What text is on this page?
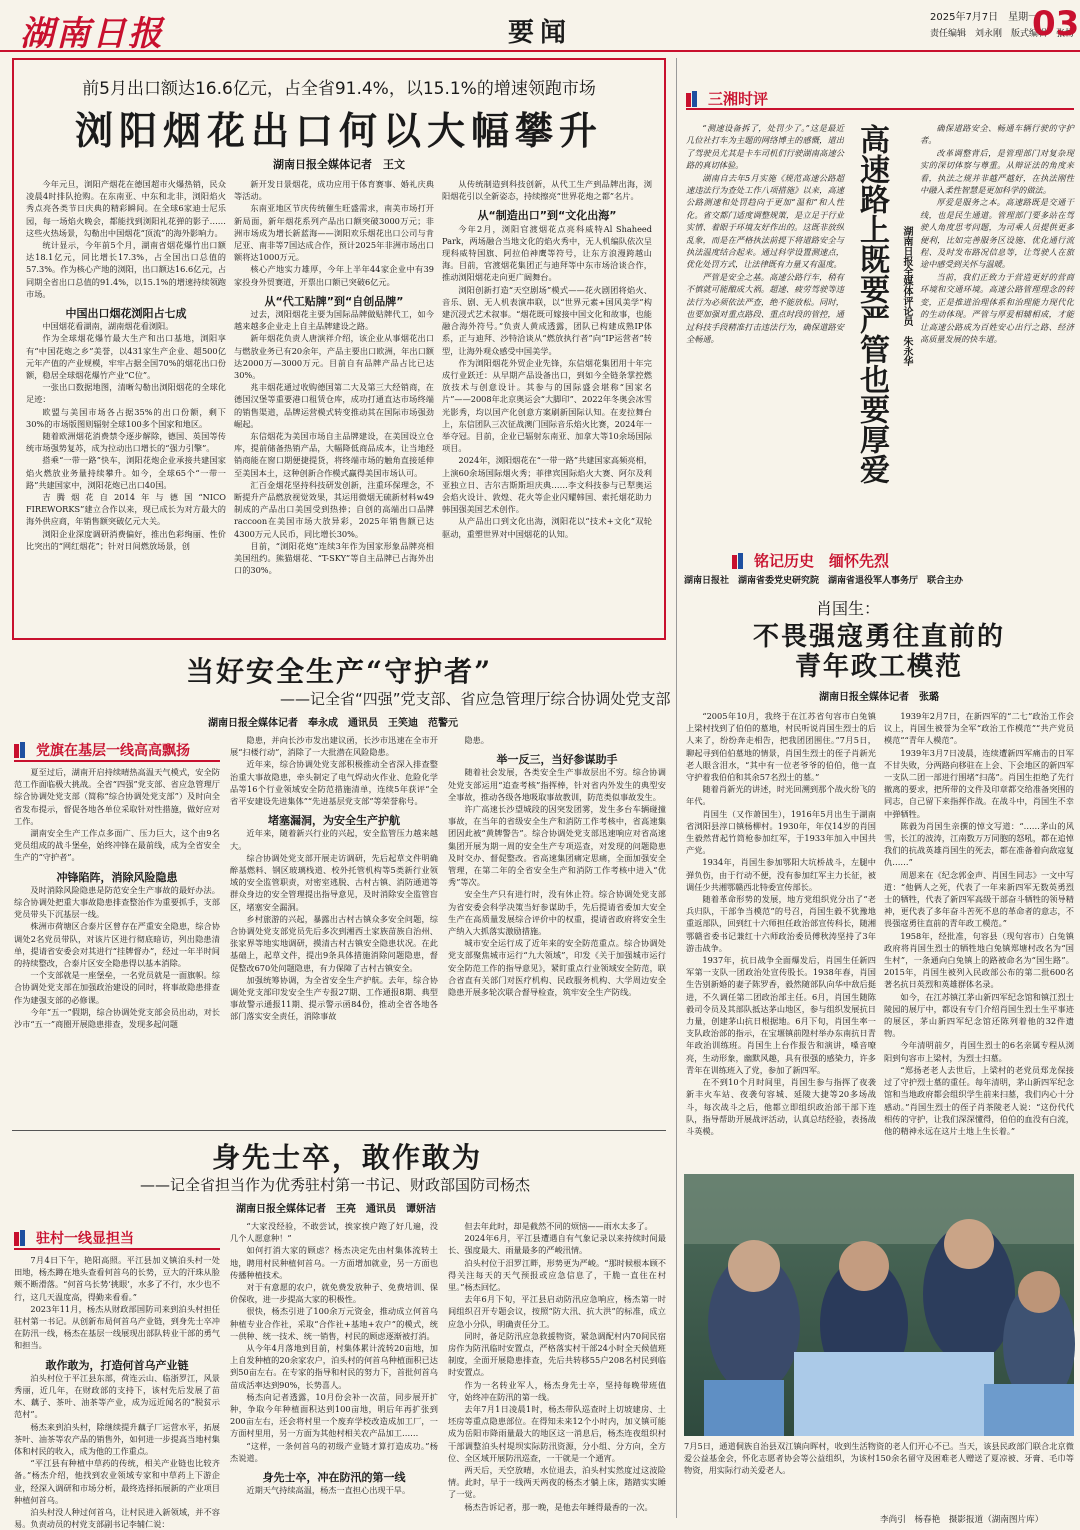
湖南日报	要闻
2025年7月7日　星期一
责任编辑　刘永刚　版式编辑　张杨
03
前5月出口额达16.6亿元，占全省91.4%，以15.1%的增速领跑市场
浏阳烟花出口何以大幅攀升
湖南日报全媒体记者　王文

今年元旦，浏阳产烟花在德国超市火爆热销，民众凌晨4时排队抢购。在东南亚、中东和北非，浏阳焰火秀点亮各类节日庆典的精彩瞬间。在全球6家迪士尼乐园，每一场焰火晚会，都能找到浏阳礼花弹的影子……这些火热场景，勾勒出中国烟花“顶流”的海外影响力。

统计显示，今年前5个月，湖南省烟花爆竹出口额达18.1亿元，同比增长17.3%，占全国出口总值的57.3%。作为核心产地的浏阳，出口额达16.6亿元，占同期全省出口总值的91.4%，以15.1%的增速持续领跑市场。

中国出口烟花浏阳占七成

中国烟花看湖南，湖南烟花看浏阳。

作为全球烟花爆竹最大生产和出口基地，浏阳享有“中国花炮之乡”美誉，以431家生产企业、超500亿元年产值的产业规模，牢牢占据全国70%的烟花出口份额，稳居全球烟花爆竹产业“C位”。

一张出口数据地图，清晰勾勒出浏阳烟花的全球化足迹：

欧盟与美国市场各占据35%的出口份额，剩下30%的市场版图则辐射全球100多个国家和地区。

随着欧洲烟花消费禁令逐步解除，德国、英国等传统市场强势复苏，成为拉动出口增长的“强力引擎”。

搭乘“一带一路”快车，浏阳花炮企业承接共建国家焰火燃放业务量持续攀升。如今，全球65个“一带一路”共建国家中，浏阳花炮已出口40国。

吉腾烟花自2014年与德国“NICO FIREWORKS”建立合作以来，现已成长为对方最大的海外供应商，年销售额突破亿元大关。

浏阳企业深度调研消费偏好，推出色彩绚丽、性价比突出的“网红烟花”；针对日间燃放场景，创

新开发日景烟花，成功应用于体育赛事、婚礼庆典等活动。

东南亚地区节庆传统催生旺盛需求，南美市场打开新局面，新年烟花系列产品出口额突破3000万元；非洲市场成为增长新蓝海——浏阳欢乐烟花出口公司与肯尼亚、南非等7国达成合作，预计2025年非洲市场出口额将达1000万元。

核心产地实力雄厚，今年上半年44家企业中有39家投身外贸赛道，开票出口额已突破6亿元。

从“代工贴牌”到“自创品牌”

过去，浏阳烟花主要为国际品牌做贴牌代工，如今越来越多企业走上自主品牌建设之路。

新年烟花负责人唐演祥介绍，该企业从事烟花出口与燃放业务已有20余年，产品主要出口欧洲，年出口额达2000万—3000万元。目前自有品牌产品占比已达30%。

兆丰烟花通过收购德国第二大及第三大经销商，在德国汉堡等重要港口租赁仓库，成功打通直达市场终端的销售渠道，品牌运营模式转变推动其在国际市场强劲崛起。

东信烟花为美国市场自主品牌建设，在美国设立仓库，提前储备热销产品，大幅降低商品成本，让当地经销商能在窗口期便捷提货，将终端市场的触角直接延伸至美国本土，这种创新合作模式赢得美国市场认可。

汇百金烟花坚持科技研发创新，注重环保理念，不断提升产品燃放视觉效果，其运用微烟无硫新材料w49制成的产品出口美国受到热捧；自创的高端出口品牌raccoon在美国市场大放异彩，2025年销售额已达4300万元人民币，同比增长30%。

目前，“浏阳花炮”连续3年作为国家形象品牌亮相美国纽约。熊猫烟花、“T-SKY”等自主品牌已占海外出口的30%。

从传统制造到科技创新，从代工生产到品牌出海，浏阳烟花引以全新姿态，持续擦亮“世界花炮之都”名片。

从“制造出口”到“文化出海”

今年2月，浏阳官渡烟花点亮科威特Al Shaheed Park，两场融合当地文化的焰火秀中，无人机编队依次呈现科威特国旗、阿拉伯神鹰等符号，让东方浪漫跨越山海。目前，官渡烟花集团正与迪拜等中东市场洽谈合作，推动浏阳烟花走向更广阔舞台。

浏阳创新打造“天空剧场”模式——花火剧团将焰火、音乐、剧、无人机表演串联，以“世界元素+国风美学”构建沉浸式艺术叙事。“烟花既可嫁接中国文化和故事，也能融合海外符号。”负责人黄成透露，团队已构建成熟IP体系，正与迪拜、沙特洽谈从“燃放执行者”向“IP运营者”转型，让海外观众感受中国美学。

作为浏阳烟花外贸企业先锋，东信烟花集团用十年完成行业跃迁：从早期产品设备出口，到如今全链条掌控燃放技术与创意设计。其参与的国际盛会堪称“国家名片”——2008年北京奥运会“大脚印”、2022年冬奥会冰雪光影秀，均以国产化创意方案刷新国际认知。在麦拉舞台上，东信团队三次征战澳门国际音乐焰火比赛，2024年一举夺冠。目前，企业已辐射东南亚、加拿大等10余场国际项目。

2024年，浏阳烟花在“一带一路”共建国家高频亮相，上演60余场国际烟火秀；菲律宾国际焰火大赛、阿尔及利亚独立日、吉尔吉斯斯坦庆典……李文科技参与已犁奥运会焰火设计、敦煌、花火等企业闪耀韩国、索托烟花助力韩国强美国艺术创作。

从产品出口到文化出海，浏阳花以“技术+文化”双轮驱动，重塑世界对中国烟花的认知。

三湘时评

“测速设备拆了，处罚少了。”这是最近几位社打车为主题的网络博主的感慨，道出了驾驶员尤其是卡车司机们行驶湖南高速公路的真切体验。

湖南自去年5月实施《规范高速公路超速违法行为查处工作八项措施》以来，高速公路测速和处罚趋向于更加“温和”和人性化。省交都门适度调整规策，是立足于行业实情、着眼于环境友好作出的。这既非放纵乱象，而是在严格执法前提下将道路安全与执法温度结合起来。通过科学设置测速点，优化处罚方式，让法律既有力量又有温度。

严管是安全之基。高速公路行车，稍有不慎就可能酿成大祸。超速、疲劳驾驶等违法行为必须依法严查，绝不能放松。同时，也要加强对重点路段、重点时段的管控，通过科技手段精准打击违法行为，确保道路安全畅通。	高速路上既要严管也要厚爱	湖南日报全媒体评论员　朱永华

确保道路安全、畅通车辆行驶的守护者。

改革调整背后，是管理部门对复杂现实的深切体察与尊重。从辩证法的角度来看，执法之规并非越严越好，在执法刚性中融入柔性智慧是更加科学的做法。

厚爱是服务之本。高速路既是交通干线，也是民生通道。管理部门要多站在驾驶人角度思考问题，为司乘人员提供更多便利，比如完善服务区设施、优化通行流程、及时发布路况信息等，让驾驶人在旅途中感受到关怀与温暖。

当前，我们正致力于营造更好的营商环境和交通环境。高速公路管理理念的转变，正是推进治理体系和治理能力现代化的生动体现。严管与厚爱相辅相成，才能让高速公路成为百姓安心出行之路、经济高质量发展的快车道。

铭记历史　缅怀先烈
湖南日报社　湖南省委党史研究院　湖南省退役军人事务厅　联合主办
肖国生：
不畏强寇勇往直前的
青年政工模范
湖南日报全媒体记者　张璐

“2005年10月，我终于在江苏省句容市白兔镇上梁村找到了伯伯的墓地，村民听说肖国生烈士的后人来了，纷纷奔走相告，把我团团围住。”7月5日，聊起寻到伯伯墓地的情景，肖国生烈士的侄子肖新光老人眼含泪水，“其中有一位老爷爷的伯伯，他一直守护着我伯伯和其余57名烈士的墓。”

随着肖新光的讲述，时光回溯到那个战火纷飞的年代。

肖国生（又作萧国生），1916年5月出生于湖南省浏阳县淳口镇杨柳村。1930年，年仅14岁的肖国生毅然背起竹筒枪参加红军，于1933年加入中国共产党。

1934年，肖国生参加鄂阳大坑桥战斗，左腿中弹负伤，由于行动不便，没有参加红军主力长征，被调任少共湘鄂赣西北特委宣传部长。

随着革命形势的发展，地方党组织党分出了“老兵归队，干部争当模范”的号召，肖国生毅不犹豫地重返部队，回到红十六师担任政治部宣传科长，随湘鄂赣省委书记兼红十六师政治委员傅秋涛坚持了3年游击战争。

1937年，抗日战争全面爆发后，肖国生任新四军第一支队一团政治处宣传股长。1938年春，肖国生告别新婚的妻子陈罗香，毅然随部队向华中敌后挺进，不久调任第二团政治部主任。6月，肖国生随陈毅司令员及其部队抵达茅山地区，参与组织发展抗日力量，创建茅山抗日根据地。6月下旬，肖国生率一支队政治部的指示，在宝堰镇前隍村举办东南抗日青年政治训练班。肖国生上台作报告和演讲，嗓音嘹亮，生动形象，幽默风趣，具有很强的感染力，许多青年在训练班入了党，参加了新四军。

在不到10个月时间里，肖国生参与指挥了夜袭新丰火车站、夜袭句容城、延陵大捷等20多场战斗，每次战斗之后，他都立即组织政治部干部下连队，指导帮助开展战评活动，认真总结经验，表扬战斗英模。

1939年2月7日，在新四军的“二七”政治工作会议上，肖国生被誉为全军“政治工作模范”“共产党员模范”“青年人模范”。

1939年3月7日凌晨，连续遭新四军痛击的日军不甘失败，分两路向移驻在上会、下会地区的新四军一支队二团一部进行围堵“扫荡”。肖国生拒绝了先行撤离的要求，把所带的文件及印章都交给准备突围的同志，自己留下来指挥作战。在战斗中，肖国生不幸中弹牺牲。

陈毅为肖国生亲撰的悼文写道：“……茅山的风雪，长江的波涛，江南数万万同胞的怒吼，都在追悼我们的抗战英雄肖国生的死去，都在准备着向敌寇复仇……”

周恩来在《纪念郭金声、肖国生同志》一文中写道：“他俩人之死，代表了一年来新四军无数英勇烈士的牺牲，代表了新四军高级干部奋斗牺牲的领导精神，更代表了多年奋斗苦死不息的革命者的意志，不畏强寇勇往直前的青年政工模范。”

1958年，经批准，句容县（现句容市）白兔镇政府将肖国生烈士的牺牲地白兔镇郑塘村改名为“国生村”，一条通向白兔镇上的路被命名为“国生路”。2015年，肖国生被列入民政部公布的第二批600名著名抗日英烈和英雄群体名录。

如今，在江苏镇江茅山新四军纪念馆和镇江烈士陵园的展厅中，都设有专门介绍肖国生烈士生平事迹的展区，茅山新四军纪念馆还陈列着他的32件遗物。

今年清明前夕，肖国生烈士的6名亲属专程从浏阳到句容市上梁村，为烈士扫墓。

“郑扬老老人去世后，上梁村的老党员郑龙保接过了守护烈士墓的重任。每年清明，茅山新四军纪念馆和当地政府都会组织学生前来扫墓，我们内心十分感动。”肖国生烈士的侄子肖茶陵老人说：“这份代代相传的守护，让我们深深懂得，伯伯的血没有白流，他的精神永远在这片土地上生长着。”

当好安全生产“守护者”
——记全省“四强”党支部、省应急管理厅综合协调处党支部
湖南日报全媒体记者　奉永成　通讯员　王笑迪　范警元
党旗在基层一线高高飘扬

夏至过后，湖南开启持续晴热高温天气模式，安全防范工作面临极大挑战。全省“四强”党支部、省应急管理厅综合协调处党支部（简称“综合协调处党支部”）及时向全省发布提示，督促各地各单位采取针对性措施，做好应对工作。

湖南安全生产工作点多面广、压力巨大，这个由9名党员组成的战斗堡垒，始终冲锋在最前线，成为全省安全生产的“守护者”。

冲锋陷阵，消除风险隐患

及时消除风险隐患是防范安全生产事故的最好办法。综合协调处把重大事故隐患排查整治作为重要抓手，支部党员带头下沉基层一线。

株洲市荷塘区合泰片区曾存在严重安全隐患，综合协调处2名党员带队，对该片区进行彻底暗访，列出隐患清单，提请省安委会对其进行“挂牌督办”，经过一年半时间的持续整改，合泰片区安全隐患得以基本消除。

一个支部就是一座堡垒，一名党员就是一面旗帜。综合协调处党支部在加强政治建设的同时，将事故隐患排查作为建强支部的必修课。

今年“五一”假期，综合协调处党支部会员出动，对长沙市“五一”商圈开展隐患排查，发现多起问题

隐患，并向长沙市发出建议函，长沙市迅速在全市开展“扫楼行动”，消除了一大批潜在风险隐患。

近年来，综合协调处党支部积极推动全省深入排查整治重大事故隐患，牵头制定了电气焊动火作业、危险化学品等16个行业领域安全防范措施清单，连续5年获评“全省平安建设先进集体”“先进基层党支部”等荣誉称号。

堵塞漏洞，为安全生产护航

近年来，随着新兴行业的兴起，安全监管压力越来越大。

综合协调处党支部开展走访调研，先后起草文件明确醉基燃料、钢区玻璃栈道、校外托管机构等5类新行业领域的安全监管职责，对密室逃脱、古村古镇、消防通道等群众身边的安全管理提出指导意见，及时消除安全监管盲区，堵塞安全漏洞。

乡村旅游的兴起，暴露出古村古镇众多安全问题，综合协调处党支部党员先后多次到湘西土家族苗族自治州、张家界等地实地调研，摸清古村古镇安全隐患状况。在此基础上，起草文件，提出9条具体措施消除问题隐患，督促整改670处问题隐患，有力保障了古村古镇安全。

加强统筹协调，为全省安全生产护航。去年，综合协调处党支部印发安全生产专报27期、工作通报8期、典型事故警示通报11期、提示警示函84份，推动全省各地各部门落实安全责任，消除事故

隐患。

举一反三，当好参谋助手

随着社会发展，各类安全生产事故层出不穷。综合协调处党支部运用“追查考核”指挥棒，针对省内外发生的典型安全事故，推动各级各地吸取事故教训，防范类似事故发生。

许广高速长沙望城段的因突发团雾，发生多台车辆碰撞事故，在当年的省级安全生产和消防工作考核中，省高速集团因此被“黄牌警告”。综合协调处党支部迅速响应对省高速集团开展为期一周的安全生产专项巡查，对发现的问题隐患及时交办、督促整改。省高速集团痛定思痛，全面加强安全管理，在第二年的全省安全生产和消防工作考核中进入“优秀”等次。

安全生产只有进行时，没有休止符。综合协调处党支部为省安委会科学决策当好参谋助手，先后提请省委加大安全生产在高质量发展综合评价中的权重，提请省政府将安全生产纳入大抓落实激励措施。

城市安全运行成了近年来的安全防范重点。综合协调处党支部聚焦城市运行“九大领域”，印发《关于加强城市运行安全防范工作的指导意见》，紧盯重点行业领域安全防范，联合省直有关部门对医疗机构、民政服务机构、大学周边安全隐患开展多轮次联合督导检查，筑牢安全生产防线。

身先士卒，敢作敢为
——记全省担当作为优秀驻村第一书记、财政部国防司杨杰
湖南日报全媒体记者　王亮　通讯员　谭妍洁
驻村一线显担当

7月4日下午，艳阳高照。平江县加义镇泊头村一处田地，杨杰蹲在地头查看何首乌的长势，豆大的汗珠从脸颊不断滑落。“何首乌长势‘挑眼’，水多了不行，水少也不行，这几天温度高，得勤来看看。”

2023年11月，杨杰从财政部国防司来到泊头村担任驻村第一书记。从创新布局何首乌产业链，到身先士卒冲在防汛一线，杨杰在基层一线展现出部队转业干部的勇气和担当。

敢作敢为，打造何首乌产业链

泊头村位于平江县东部，荷连云山、临浙罗江，风景秀丽，近几年，在财政部的支持下，该村先后发展了苗木、藕子、茶叶、油茶等产业，成为远近闻名的“脱贫示范村”。

杨杰来到泊头村，除继续提升藕子厂运营水平，拓展茶叶、油茶等农产品的销售外，如何进一步提高当地村集体和村民的收入，成为他的工作重点。

“平江县有种植中草药的传统，相关产业链也比较齐备。”杨杰介绍，他找到农业领域专家和中草药上下游企业，经深入调研和市场分析，最终选择拓展新的产业项目种植何首乌。

泊头村没人种过何首乌，让村民进入新领域，并不容易。负责动员的村党支部副书记李辅仁说：

“大家没经验，不敢尝试，挨家挨户跑了好几遍，没几个人愿意种！”

如何打消大家的顾虑？杨杰决定先由村集体流转土地，聘用村民种植何首乌。一方面增加就业，另一方面也传播种植技术。

对于有意愿的农户，就免费发放种子、免费培训、保价保收，进一步提高大家的积极性。

很快，杨杰引进了100余万元资金，推动成立何首乌种植专业合作社，采取“合作社+基地+农户”的模式，统一供种、统一技术、统一销售，村民的顾虑逐渐被打消。

从今年4月落地到目前，村集体累计流转20亩地，加上自发种植的20余家农户，泊头村的何首乌种植面积已达到50亩左右。在专家的指导和村民的努力下，首批何首乌苗成活率达到90%，长势喜人。

杨杰向记者透露，10月份会补一次苗，同步展开扩种，争取今年种植面积达到100亩地，明后年再扩张到200亩左右，还会将村里一个废弃学校改造成加工厂，一方面村里用，另一方面为其他村相关农产品加工……

“这样，一条何首乌的初级产业链才算打造成功。”杨杰说道。

身先士卒，冲在防汛的第一线

近期天气持续高温，杨杰一直担心出现干旱。

但去年此时，却是截然不同的烦恼——雨水太多了。

2024年6月，平江县遭遇自有气象记录以来持续时间最长、强度最大、雨量最多的严峻汛情。

泊头村位于汨罗江畔，形势更为严峻。“那时候根本顾不得关注每天的天气预报或应急信息了，干脆一直住在村里。”杨杰回忆。

去年6月下旬，平江县启动防汛应急响应，杨杰第一时间组织召开专题会议，按照“防大汛、抗大洪”的标准，成立应急小分队，明确责任分工。

同时，备足防汛应急救援物资，紧急调配村内70间民宿房作为防汛临时安置点，严格落实村干部24小时全天候值班制度，全面开展隐患排查，先后共转移55户208名村民到临时安置点。

作为一名转业军人，杨杰身先士卒，坚持每晚带班值守，始终冲在防汛的第一线。

去年7月1日凌晨1时，杨杰带队巡查时上切坡建房、土坯房等重点隐患部位。在得知未来12个小时内，加义镇可能成为岳阳市降雨量最大的地区这一消息后，杨杰连夜组织村干部调整泊头村堤坝实际防汛资源，分小组、分方向，全方位、全区域开展防汛巡查，一干就是一个通宵。

两天后，天空放晴，水位退去，泊头村实然度过这波险情。此时，早于一线两天两夜的杨杰才躺上床，踏踏实实睡了一觉。

杨杰告诉记者，那一晚，是他去年睡得最香的一次。

7月5日，通道侗族自治县双江镇向晖村，收到生活物资的老人们开心不已。当天，该县民政部门联合北京微爱公益基金会，怀化志愿者协会等公益组织，为该村150余名留守及困难老人赠送了夏凉被、牙膏、毛巾等物资，用实际行动关爱老人。
李尚引　杨春艳　摄影报道（湖南图片库）
